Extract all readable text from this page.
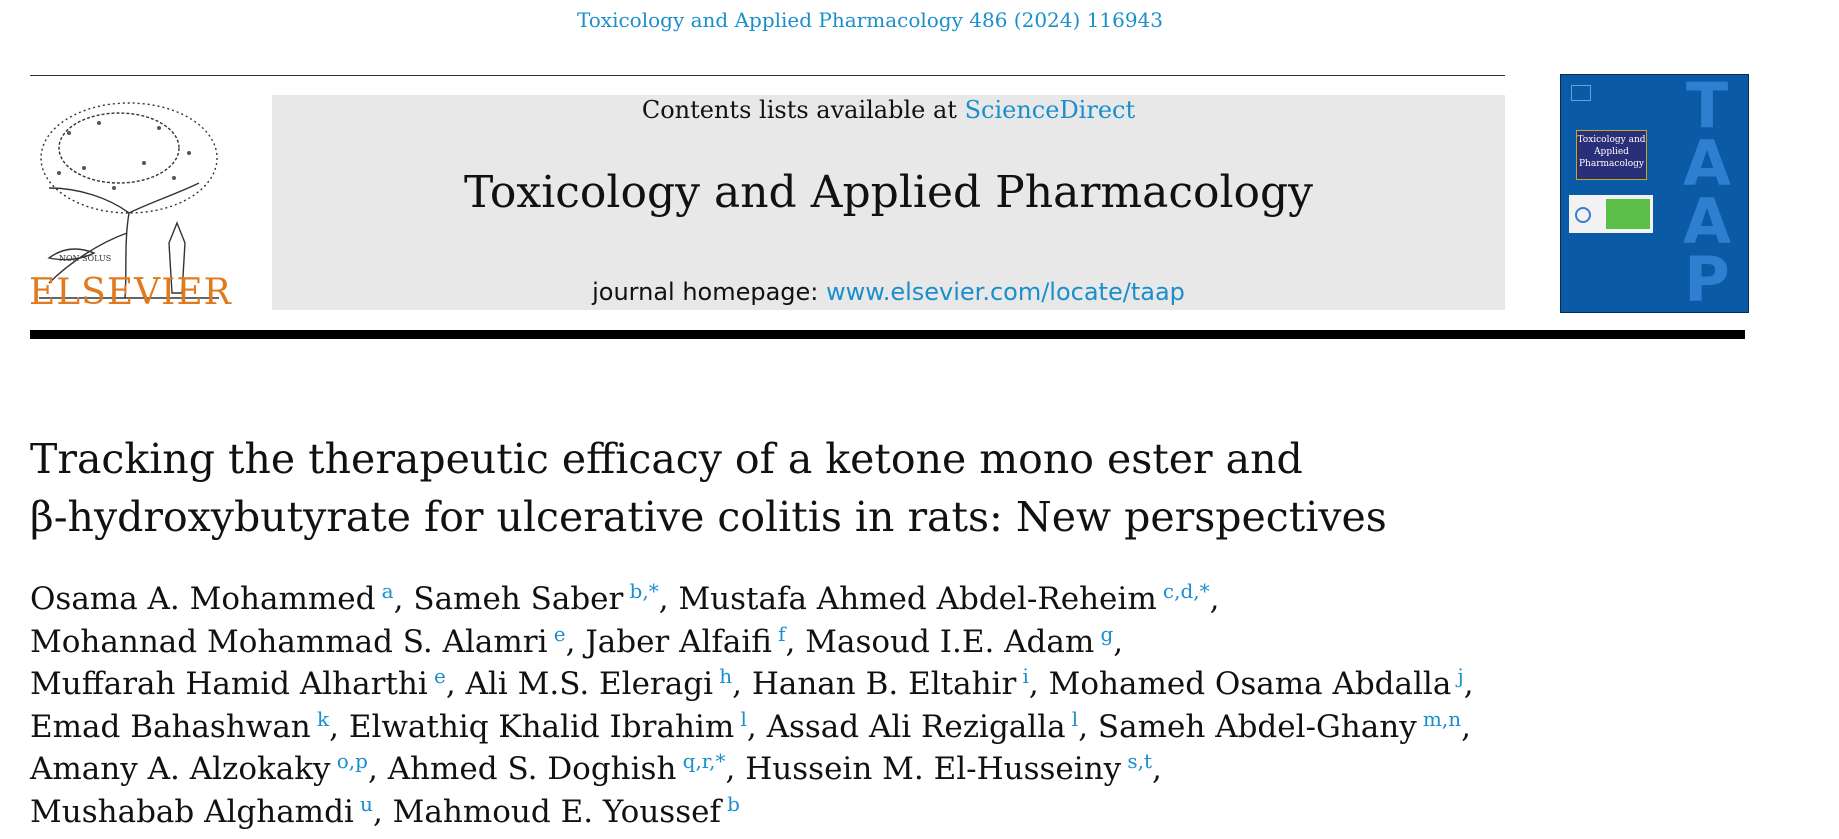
Toxicology and Applied Pharmacology 486 (2024) 116943
NON SOLUS
ELSEVIER
Contents lists available at ScienceDirect
Toxicology and Applied Pharmacology
journal homepage: www.elsevier.com/locate/taap
Toxicology and Applied Pharmacology
T
A
A
P
Tracking the therapeutic efficacy of a ketone mono ester and
β-hydroxybutyrate for ulcerative colitis in rats: New perspectives
Osama A. Mohammed  $^a$, Sameh Saber  $^{b,*}$, Mustafa Ahmed Abdel-Reheim  $^{c,d,*}$,
Mohannad Mohammad S. Alamri  $^e$, Jaber Alfaifi  $^f$, Masoud I.E. Adam  $^g$,
Muffarah Hamid Alharthi  $^e$, Ali M.S. Eleragi  $^h$, Hanan B. Eltahir  $^i$, Mohamed Osama Abdalla  $^j$,
Emad Bahashwan  $^k$, Elwathiq Khalid Ibrahim  $^l$, Assad Ali Rezigalla  $^l$, Sameh Abdel-Ghany  $^{m,n}$,
Amany A. Alzokaky  $^{o,p}$, Ahmed S. Doghish  $^{q,r,*}$, Hussein M. El-Husseiny  $^{s,t}$,
Mushabab Alghamdi  $^u$, Mahmoud E. Youssef  $^b$
